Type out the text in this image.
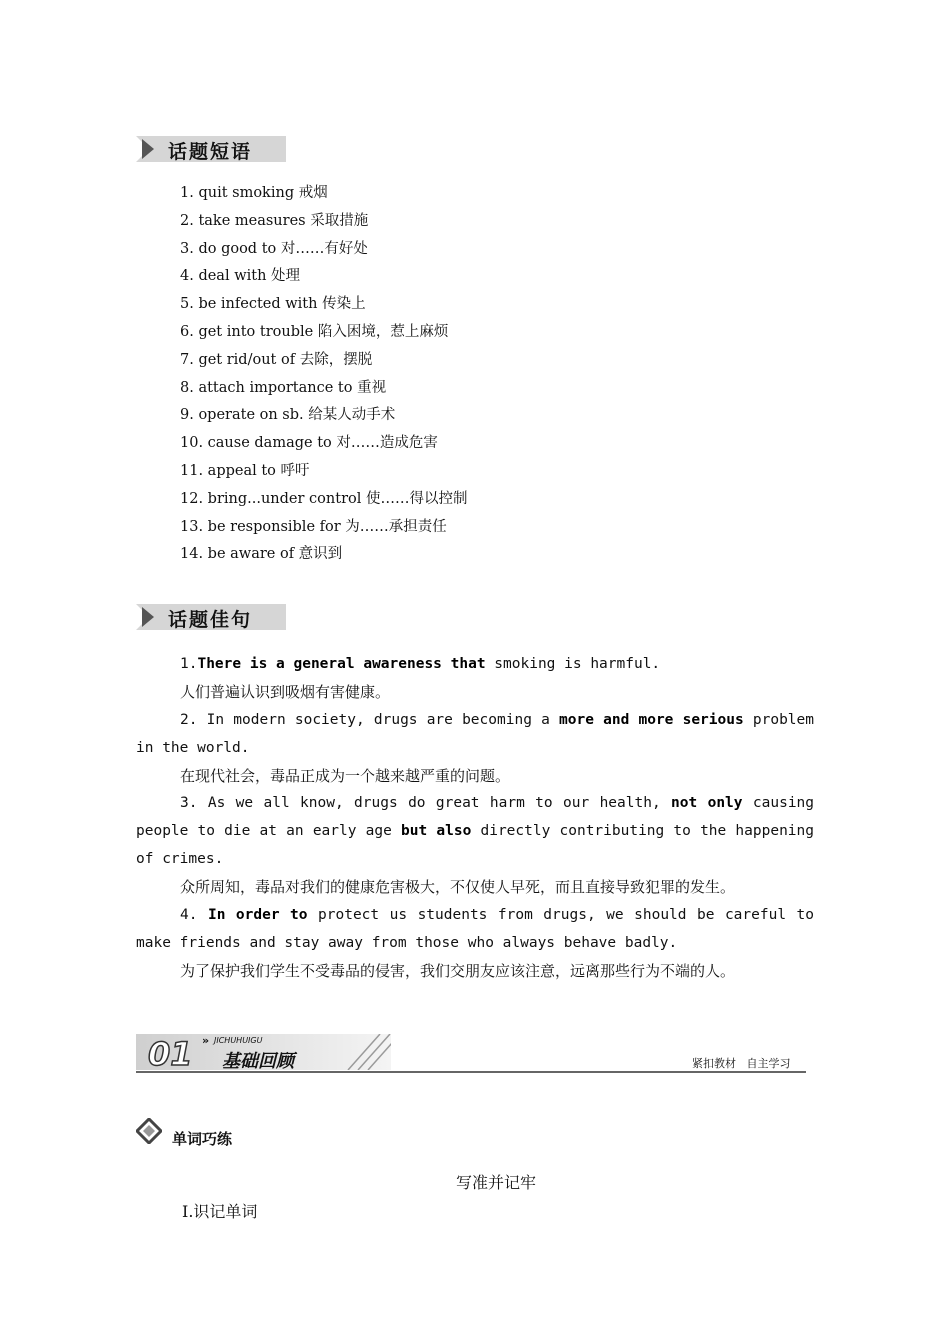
话题短语
1. quit smoking 戒烟
2. take measures 采取措施
3. do good to 对……有好处
4. deal with 处理
5. be infected with 传染上
6. get into trouble 陷入困境，惹上麻烦
7. get rid/out of 去除，摆脱
8. attach importance to 重视
9. operate on sb. 给某人动手术
10. cause damage to 对……造成危害
11. appeal to 呼吁
12. bring...under control 使……得以控制
13. be responsible for 为……承担责任
14. be aware of 意识到
话题佳句
1.There is a general awareness that smoking is harmful.
人们普遍认识到吸烟有害健康。
2. In modern society, drugs are becoming a more and more serious problem in the world.
在现代社会，毒品正成为一个越来越严重的问题。
3. As we all know, drugs do great harm to our health, not only causing people to die at an early age but also directly contributing to the happening of crimes.
众所周知，毒品对我们的健康危害极大，不仅使人早死，而且直接导致犯罪的发生。
4. In order to protect us students from drugs, we should be careful to make friends and stay away from those who always behave badly.
为了保护我们学生不受毒品的侵害，我们交朋友应该注意，远离那些行为不端的人。
01 » JICHUHUIGU
基础回顾	紧扣教材   自主学习
单词巧练
写准并记牢
Ⅰ.识记单词
